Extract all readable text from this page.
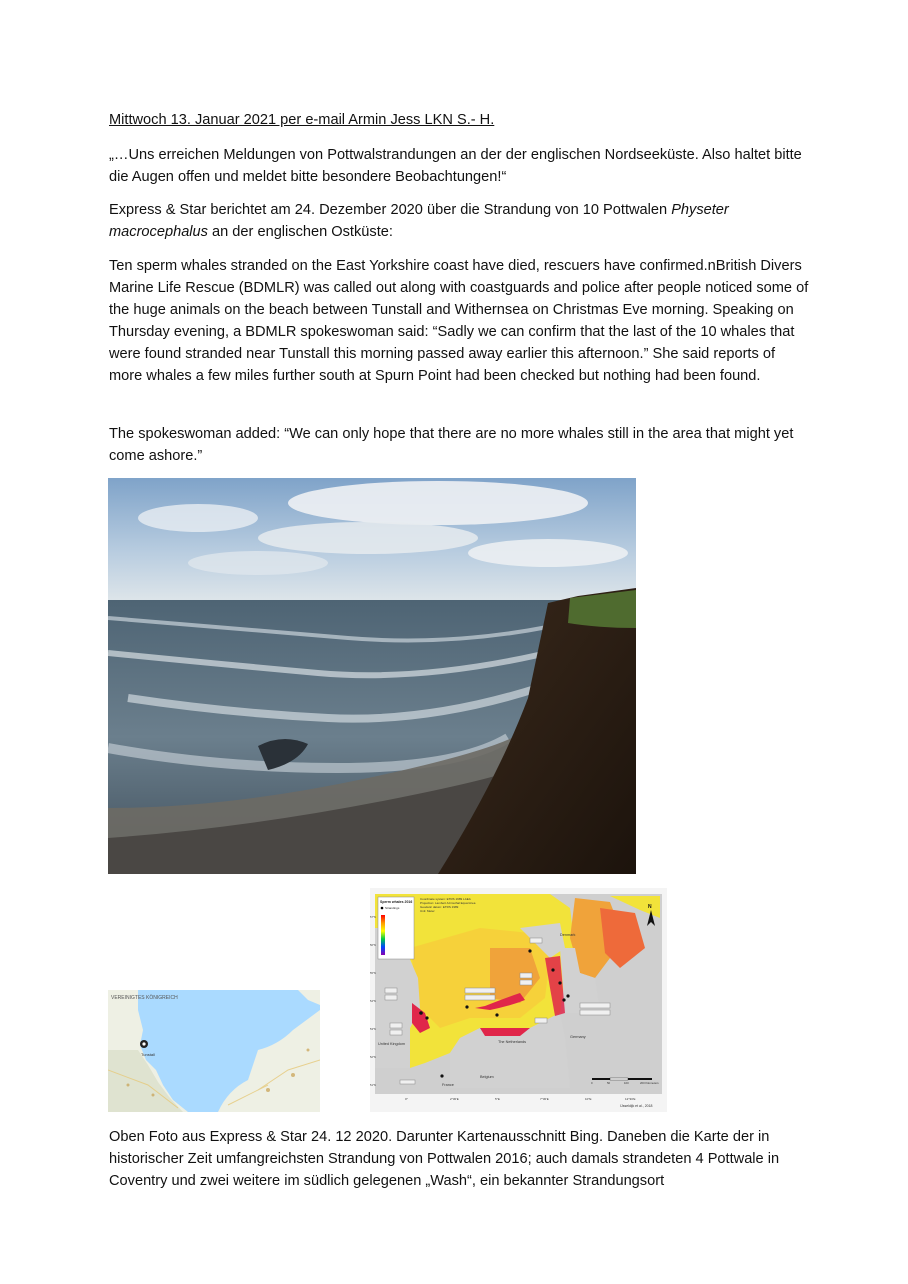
Mittwoch 13. Januar 2021 per e-mail Armin Jess LKN S.- H.

„…Uns erreichen Meldungen von Pottwalstrandungen an der der englischen Nordseeküste. Also haltet bitte die Augen offen und meldet bitte besondere Beobachtungen!“

Express & Star berichtet am 24. Dezember 2020 über die Strandung von 10 Pottwalen Physeter macrocephalus an der englischen Ostküste:

Ten sperm whales stranded on the East Yorkshire coast have died, rescuers have confirmed.nBritish Divers Marine Life Rescue (BDMLR) was called out along with coastguards and police after people noticed some of the huge animals on the beach between Tunstall and Withernsea on Christmas Eve morning. Speaking on Thursday evening, a BDMLR spokeswoman said: “Sadly we can confirm that the last of the 10 whales that were found stranded near Tunstall this morning passed away earlier this afternoon.” She said reports of more whales a few miles further south at Spurn Point had been checked but nothing had been found.

The spokeswoman added: “We can only hope that there are no more whales still in the area that might yet come ashore.”

VEREINIGTES KÖNIGREICH
Tunstall
Sperm whales 2016
Strandings
Coordinate system: ETRS 1989 LAEA
Projection: Lambert Azimuthal Equal Area
Geodetic datum: ETRS 1989
Unit: Meter
United Kingdom	The Netherlands
Germany
Denmark
Belgium
France
N
0	50	100	200 Kilometers
0°	2°30'E	5°E	7°30'E	10°E	12°30'E
57°N
56°N
55°N
54°N
53°N
52°N
51°N
IJsseldijk et al., 2018

Oben Foto aus Express & Star 24. 12 2020. Darunter Kartenausschnitt Bing. Daneben die Karte der in historischer Zeit umfangreichsten Strandung von Pottwalen 2016; auch damals strandeten 4 Pottwale in Coventry und zwei weitere im südlich gelegenen „Wash“, ein bekannter Strandungsort
